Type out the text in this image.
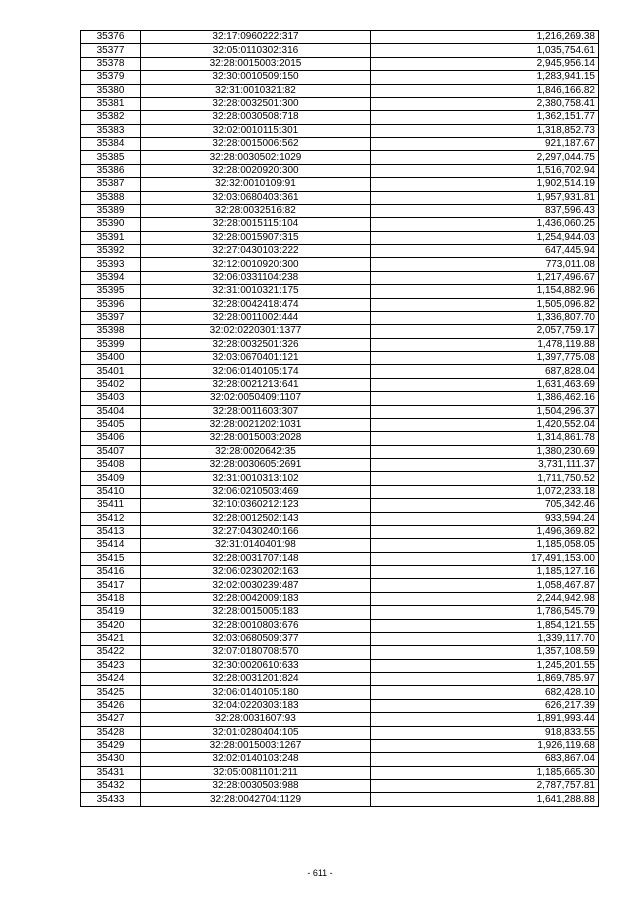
35376	32:17:0960222:317	1,216,269.38
35377	32:05:0110302:316	1,035,754.61
35378	32:28:0015003:2015	2,945,956.14
35379	32:30:0010509:150	1,283,941.15
35380	32:31:0010321:82	1,846,166.82
35381	32:28:0032501:300	2,380,758.41
35382	32:28:0030508:718	1,362,151.77
35383	32:02:0010115:301	1,318,852.73
35384	32:28:0015006:562	921,187.67
35385	32:28:0030502:1029	2,297,044.75
35386	32:28:0020920:300	1,516,702.94
35387	32:32:0010109:91	1,902,514.19
35388	32:03:0680403:361	1,957,931.81
35389	32:28:0032516:82	837,596.43
35390	32:28:0015115:104	1,436,060.25
35391	32:28:0015907:315	1,254,944.03
35392	32:27:0430103:222	647,445.94
35393	32:12:0010920:300	773,011.08
35394	32:06:0331104:238	1,217,496.67
35395	32:31:0010321:175	1,154,882.96
35396	32:28:0042418:474	1,505,096.82
35397	32:28:0011002:444	1,336,807.70
35398	32:02:0220301:1377	2,057,759.17
35399	32:28:0032501:326	1,478,119.88
35400	32:03:0670401:121	1,397,775.08
35401	32:06:0140105:174	687,828.04
35402	32:28:0021213:641	1,631,463.69
35403	32:02:0050409:1107	1,386,462.16
35404	32:28:0011603:307	1,504,296.37
35405	32:28:0021202:1031	1,420,552.04
35406	32:28:0015003:2028	1,314,861.78
35407	32:28:0020642:35	1,380,230.69
35408	32:28:0030605:2691	3,731,111.37
35409	32:31:0010313:102	1,711,750.52
35410	32:06:0210503:469	1,072,233.18
35411	32:10:0360212:123	705,342.46
35412	32:28:0012502:143	933,594.24
35413	32:27:0430240:166	1,496,369.82
35414	32:31:0140401:98	1,185,058.05
35415	32:28:0031707:148	17,491,153.00
35416	32:06:0230202:163	1,185,127.16
35417	32:02:0030239:487	1,058,467.87
35418	32:28:0042009:183	2,244,942.98
35419	32:28:0015005:183	1,786,545.79
35420	32:28:0010803:676	1,854,121.55
35421	32:03:0680509:377	1,339,117.70
35422	32:07:0180708:570	1,357,108.59
35423	32:30:0020610:633	1,245,201.55
35424	32:28:0031201:824	1,869,785.97
35425	32:06:0140105:180	682,428.10
35426	32:04:0220303:183	626,217.39
35427	32:28:0031607:93	1,891,993.44
35428	32:01:0280404:105	918,833.55
35429	32:28:0015003:1267	1,926,119.68
35430	32:02:0140103:248	683,867.04
35431	32:05:0081101:211	1,185,665.30
35432	32:28:0030503:988	2,787,757.81
35433	32:28:0042704:1129	1,641,288.88
- 611 -
